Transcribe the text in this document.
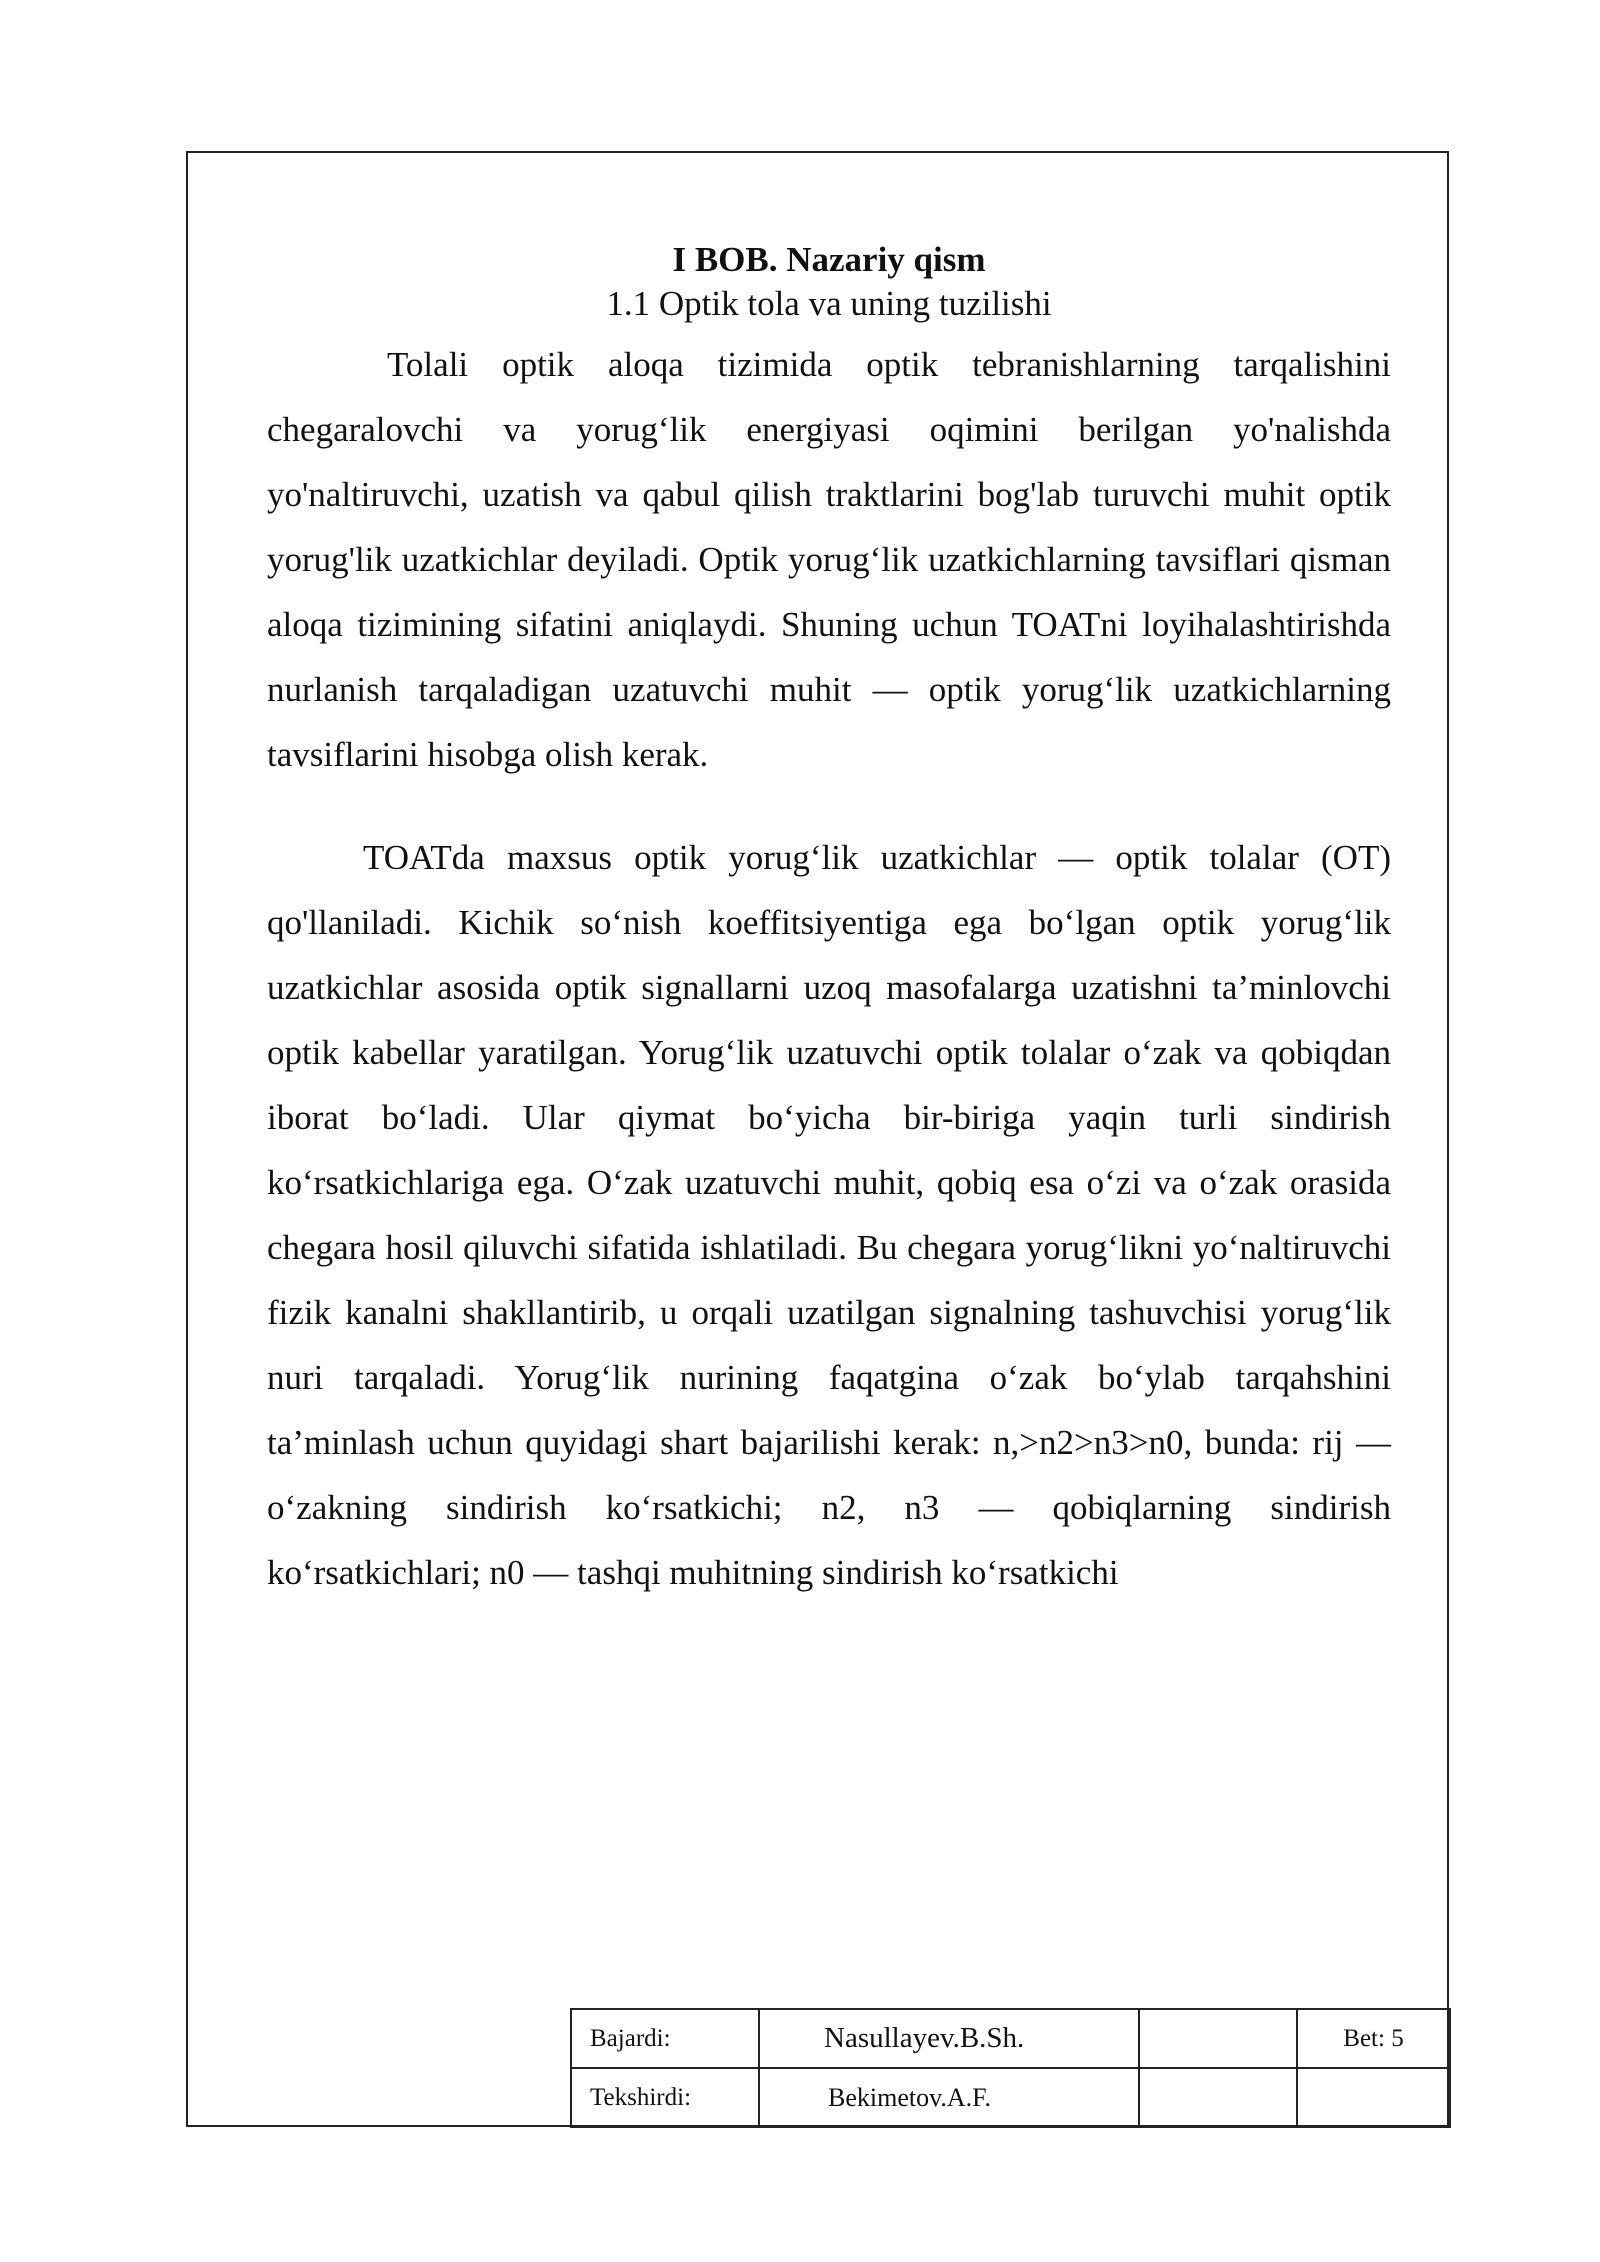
I BOB. Nazariy qism

1.1 Optik tola va uning tuzilishi

Tolali optik aloqa tizimida optik tebranishlarning tarqalishini chegaralovchi va yorug‘lik energiyasi oqimini berilgan yo'nalishda yo'naltiruvchi, uzatish va qabul qilish traktlarini bog'lab turuvchi muhit optik yorug'lik uzatkichlar deyiladi. Optik yorug‘lik uzatkichlarning tavsiflari qisman aloqa tizimining sifatini aniqlaydi. Shuning uchun TOATni loyihalashtirishda nurlanish tarqaladigan uzatuvchi muhit — optik yorug‘lik uzatkichlarning tavsiflarini hisobga olish kerak.

TOATda maxsus optik yorug‘lik uzatkichlar — optik tolalar (OT) qo'llaniladi. Kichik so‘nish koeffitsiyentiga ega bo‘lgan optik yorug‘lik uzatkichlar asosida optik signallarni uzoq masofalarga uzatishni ta’minlovchi optik kabellar yaratilgan. Yorug‘lik uzatuvchi optik tolalar o‘zak va qobiqdan iborat bo‘ladi. Ular qiymat bo‘yicha bir-biriga yaqin turli sindirish ko‘rsatkichlariga ega. O‘zak uzatuvchi muhit, qobiq esa o‘zi va o‘zak orasida chegara hosil qiluvchi sifatida ishlatiladi. Bu chegara yorug‘likni yo‘naltiruvchi fizik kanalni shakllantirib, u orqali uzatilgan signalning tashuvchisi yorug‘lik nuri tarqaladi. Yorug‘lik nurining faqatgina o‘zak bo‘ylab tarqahshini ta’minlash uchun quyidagi shart bajarilishi kerak: n,>n2>n3>n0, bunda: rij — o‘zakning sindirish ko‘rsatkichi; n2, n3 — qobiqlarning sindirish ko‘rsatkichlari; n0 — tashqi muhitning sindirish ko‘rsatkichi

Bajardi:	Nasullayev.B.Sh.		Bet: 5
Tekshirdi:	Bekimetov.A.F.		
